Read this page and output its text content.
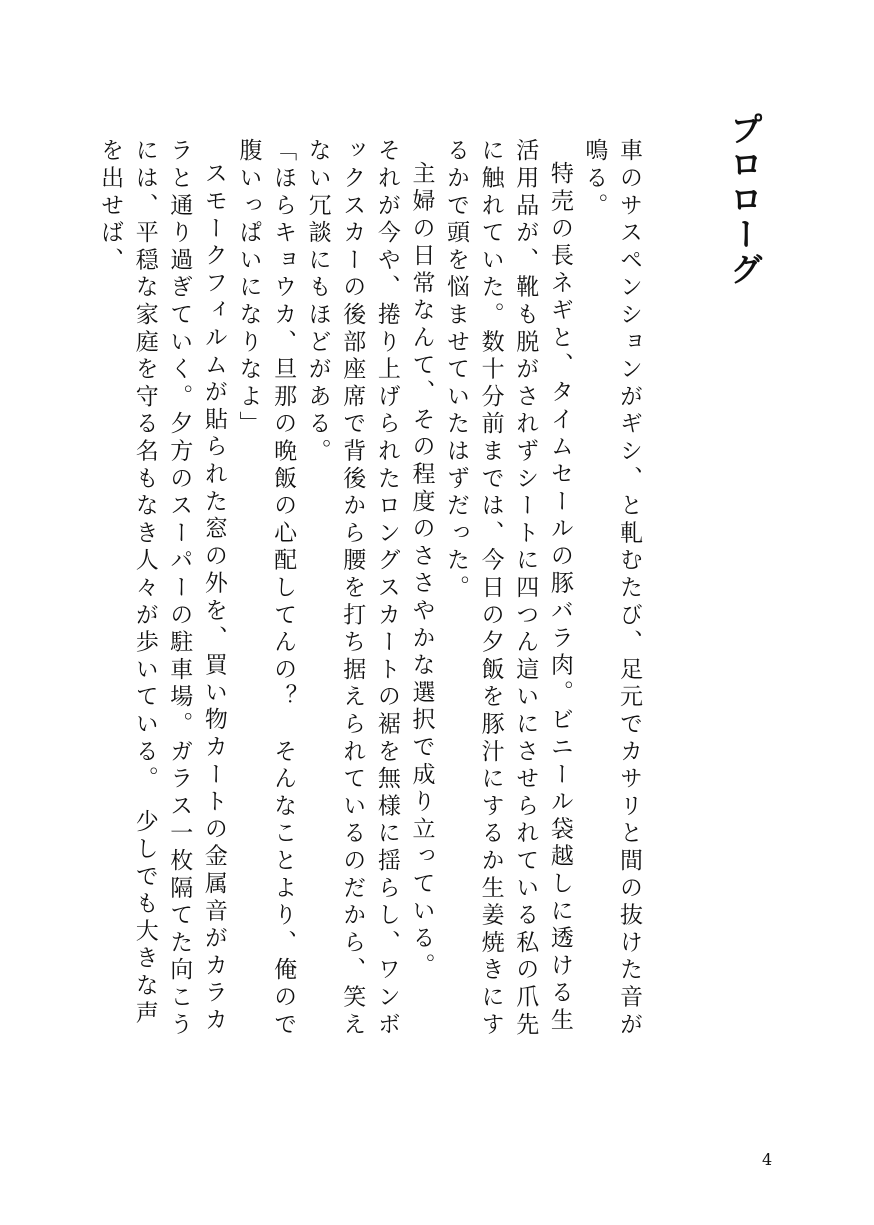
プロローグ

車のサスペンションがギシ、と軋むたび、足元でカサリと間の抜けた音が鳴る。

特売の長ネギと、タイムセールの豚バラ肉。ビニール袋越しに透ける生活用品が、靴も脱がされずシートに四つん這いにさせられている私の爪先に触れていた。数十分前までは、今日の夕飯を豚汁にするか生姜焼きにするかで頭を悩ませていたはずだった。

主婦の日常なんて、その程度のささやかな選択で成り立っている。

それが今や、捲り上げられたロングスカートの裾を無様に揺らし、ワンボックスカーの後部座席で背後から腰を打ち据えられているのだから、笑えない冗談にもほどがある。

「ほらキョウカ、旦那の晩飯の心配してんの？　そんなことより、俺ので腹いっぱいになりなよ」

スモークフィルムが貼られた窓の外を、買い物カートの金属音がカラカラと通り過ぎていく。夕方のスーパーの駐車場。ガラス一枚隔てた向こうには、平穏な家庭を守る名もなき人々が歩いている。　少しでも大きな声を出せば、

4
